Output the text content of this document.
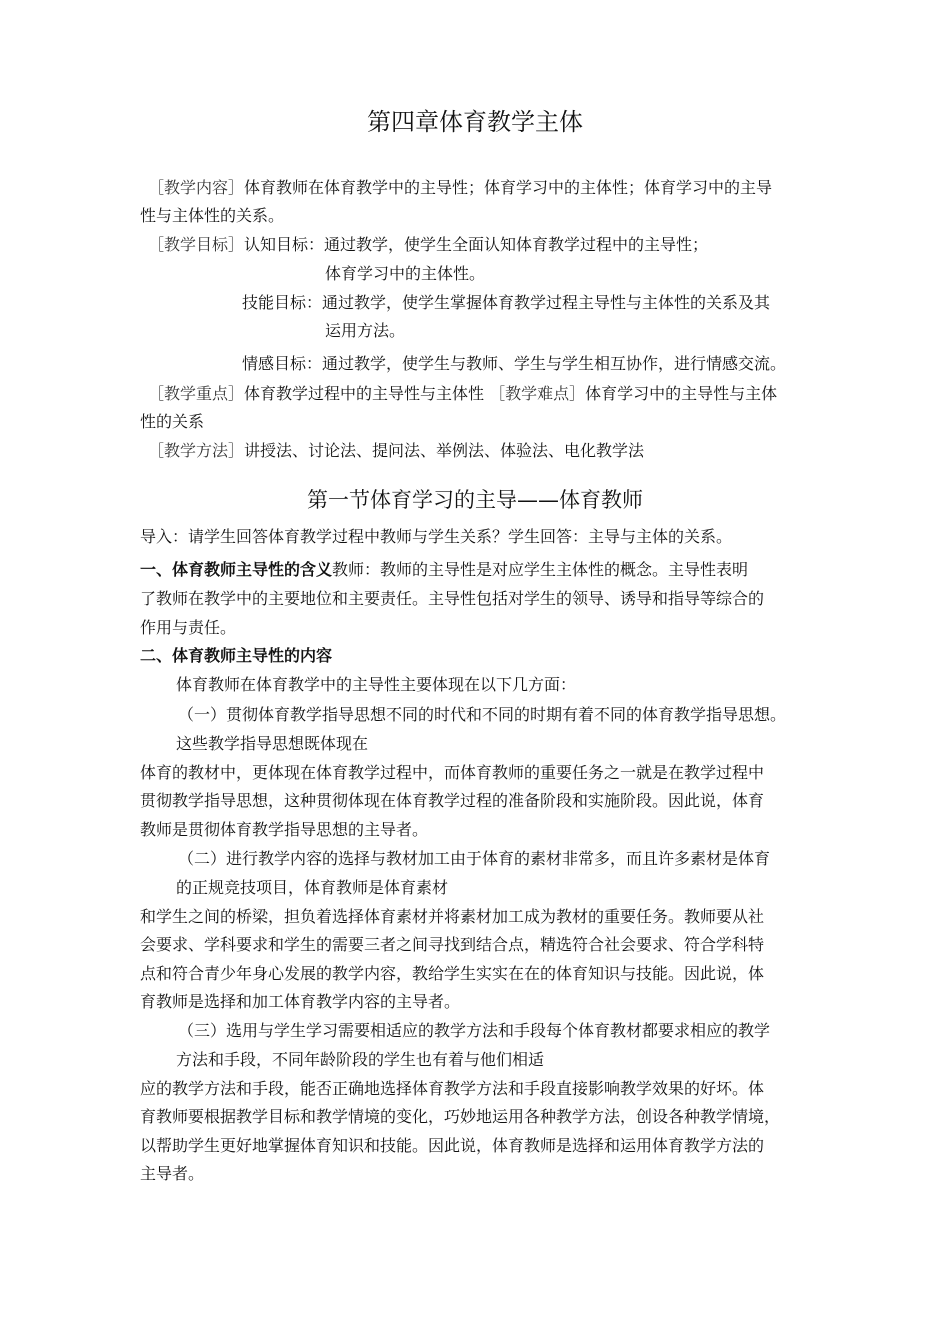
第四章体育教学主体
［教学内容］体育教师在体育教学中的主导性；体育学习中的主体性；体育学习中的主导
性与主体性的关系。
［教学目标］认知目标：通过教学，使学生全面认知体育教学过程中的主导性；
体育学习中的主体性。
技能目标：通过教学，使学生掌握体育教学过程主导性与主体性的关系及其
运用方法。
情感目标：通过教学，使学生与教师、学生与学生相互协作，进行情感交流。
［教学重点］体育教学过程中的主导性与主体性 ［教学难点］体育学习中的主导性与主体
性的关系
［教学方法］讲授法、讨论法、提问法、举例法、体验法、电化教学法
第一节体育学习的主导——体育教师
导入：请学生回答体育教学过程中教师与学生关系？学生回答：主导与主体的关系。
一、体育教师主导性的含义教师：教师的主导性是对应学生主体性的概念。主导性表明
了教师在教学中的主要地位和主要责任。主导性包括对学生的领导、诱导和指导等综合的
作用与责任。
二、体育教师主导性的内容
体育教师在体育教学中的主导性主要体现在以下几方面：
（一）贯彻体育教学指导思想不同的时代和不同的时期有着不同的体育教学指导思想。
这些教学指导思想既体现在
体育的教材中，更体现在体育教学过程中，而体育教师的重要任务之一就是在教学过程中
贯彻教学指导思想，这种贯彻体现在体育教学过程的准备阶段和实施阶段。因此说，体育
教师是贯彻体育教学指导思想的主导者。
（二）进行教学内容的选择与教材加工由于体育的素材非常多，而且许多素材是体育
的正规竞技项目，体育教师是体育素材
和学生之间的桥梁，担负着选择体育素材并将素材加工成为教材的重要任务。教师要从社
会要求、学科要求和学生的需要三者之间寻找到结合点，精选符合社会要求、符合学科特
点和符合青少年身心发展的教学内容，教给学生实实在在的体育知识与技能。因此说，体
育教师是选择和加工体育教学内容的主导者。
（三）选用与学生学习需要相适应的教学方法和手段每个体育教材都要求相应的教学
方法和手段，不同年龄阶段的学生也有着与他们相适
应的教学方法和手段，能否正确地选择体育教学方法和手段直接影响教学效果的好坏。体
育教师要根据教学目标和教学情境的变化，巧妙地运用各种教学方法，创设各种教学情境，
以帮助学生更好地掌握体育知识和技能。因此说，体育教师是选择和运用体育教学方法的
主导者。
